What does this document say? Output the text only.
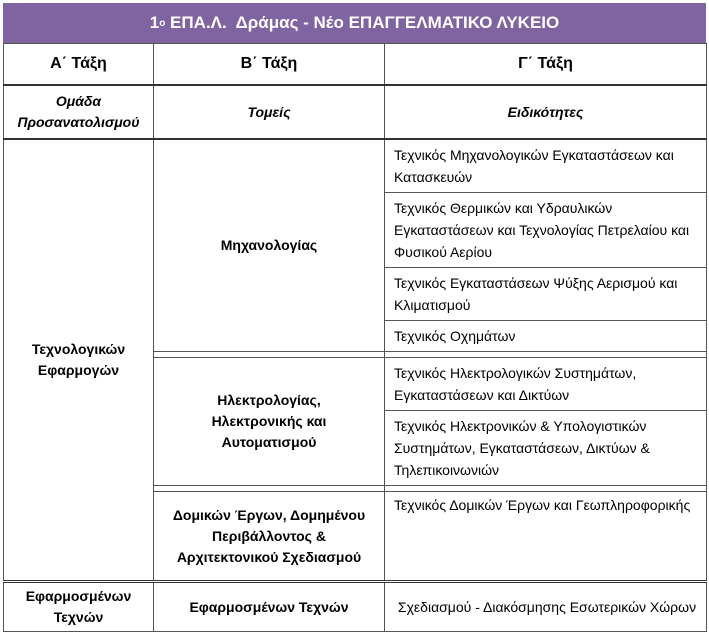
1 ο ΕΠΑ.Λ.  Δράμας - Νέο ΕΠΑΓΓΕΛΜΑΤΙΚΟ ΛΥΚΕΙΟ
Α΄ Τάξη	Β΄ Τάξη	Γ΄ Τάξη
Ομάδα Προσανατολισμού	Τομείς	Ειδικότητες
Τεχνολογικών Εφαρμογών	Μηχανολογίας	Τεχνικός Μηχανολογικών Εγκαταστάσεων και Κατασκευών
		Τεχνικός Θερμικών και Υδραυλικών Εγκαταστάσεων και Τεχνολογίας Πετρελαίου και Φυσικού Αερίου
		Τεχνικός Εγκαταστάσεων Ψύξης Αερισμού και Κλιματισμού
		Τεχνικός Οχημάτων

	Ηλεκτρολογίας, Ηλεκτρονικής και Αυτοματισμού	Τεχνικός Ηλεκτρολογικών Συστημάτων, Εγκαταστάσεων και Δικτύων
		Τεχνικός Ηλεκτρονικών & Υπολογιστικών Συστημάτων, Εγκαταστάσεων, Δικτύων & Τηλεπικοινωνιών

	Δομικών Έργων, Δομημένου Περιβάλλοντος & Αρχιτεκτονικού Σχεδιασμού	Τεχνικός Δομικών Έργων και Γεωπληροφορικής

Εφαρμοσμένων Τεχνών	Εφαρμοσμένων Τεχνών	Σχεδιασμού - Διακόσμησης Εσωτερικών Χώρων
